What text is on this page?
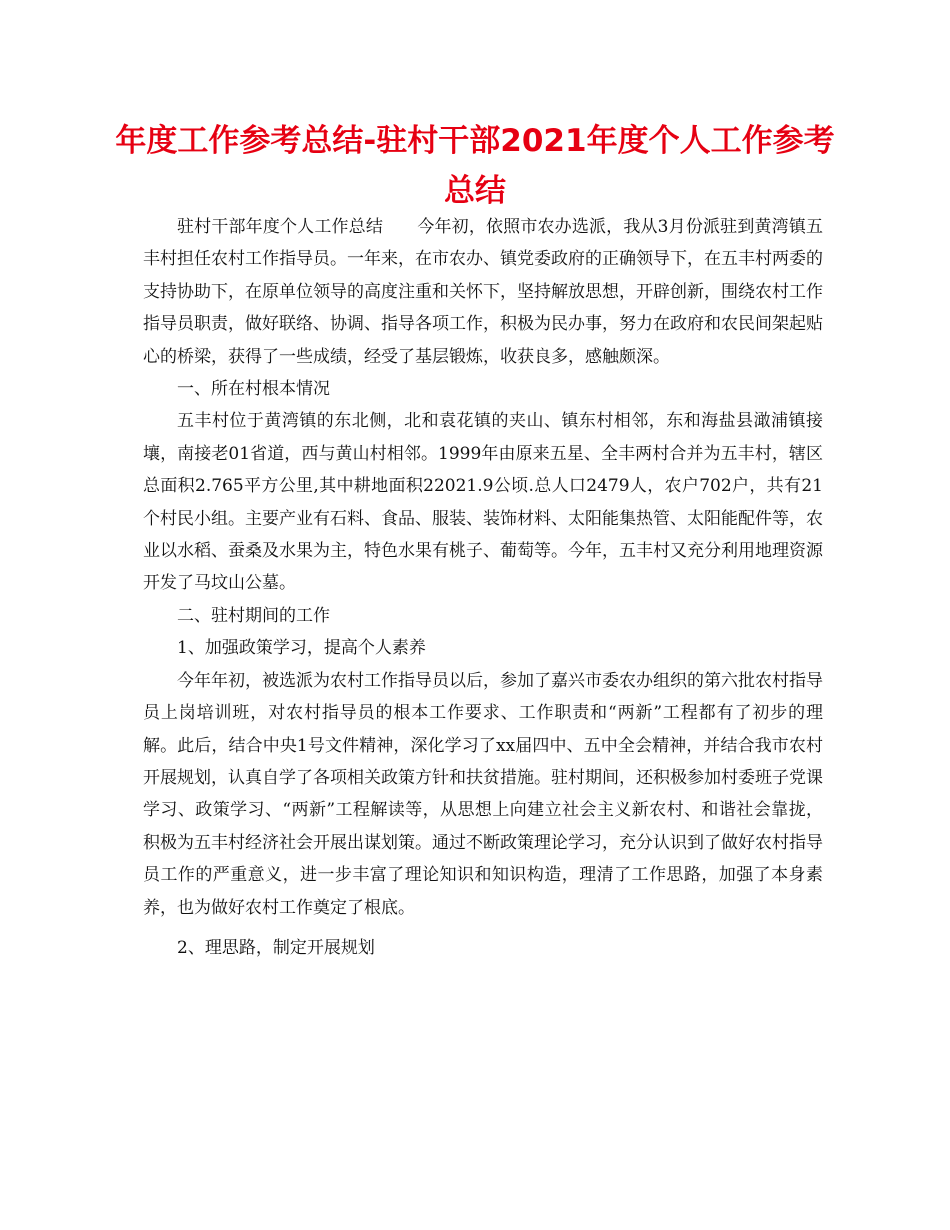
年度工作参考总结-驻村干部2021年度个人工作参考总结

驻村干部年度个人工作总结　　今年初，依照市农办选派，我从3月份派驻到黄湾镇五丰村担任农村工作指导员。一年来，在市农办、镇党委政府的正确领导下，在五丰村两委的支持协助下，在原单位领导的高度注重和关怀下，坚持解放思想，开辟创新，围绕农村工作指导员职责，做好联络、协调、指导各项工作，积极为民办事，努力在政府和农民间架起贴心的桥梁，获得了一些成绩，经受了基层锻炼，收获良多，感触颇深。

一、所在村根本情况

五丰村位于黄湾镇的东北侧，北和袁花镇的夹山、镇东村相邻，东和海盐县澉浦镇接壤，南接老01省道，西与黄山村相邻。1999年由原来五星、全丰两村合并为五丰村，辖区总面积2.765平方公里,其中耕地面积22021.9公顷.总人口2479人，农户702户，共有21个村民小组。主要产业有石料、食品、服装、装饰材料、太阳能集热管、太阳能配件等，农业以水稻、蚕桑及水果为主，特色水果有桃子、葡萄等。今年，五丰村又充分利用地理资源开发了马坟山公墓。

二、驻村期间的工作

1、加强政策学习，提高个人素养

今年年初，被选派为农村工作指导员以后，参加了嘉兴市委农办组织的第六批农村指导员上岗培训班，对农村指导员的根本工作要求、工作职责和“两新”工程都有了初步的理解。此后，结合中央1号文件精神，深化学习了xx届四中、五中全会精神，并结合我市农村开展规划，认真自学了各项相关政策方针和扶贫措施。驻村期间，还积极参加村委班子党课学习、政策学习、“两新”工程解读等，从思想上向建立社会主义新农村、和谐社会靠拢，积极为五丰村经济社会开展出谋划策。通过不断政策理论学习，充分认识到了做好农村指导员工作的严重意义，进一步丰富了理论知识和知识构造，理清了工作思路，加强了本身素养，也为做好农村工作奠定了根底。

2、理思路，制定开展规划
